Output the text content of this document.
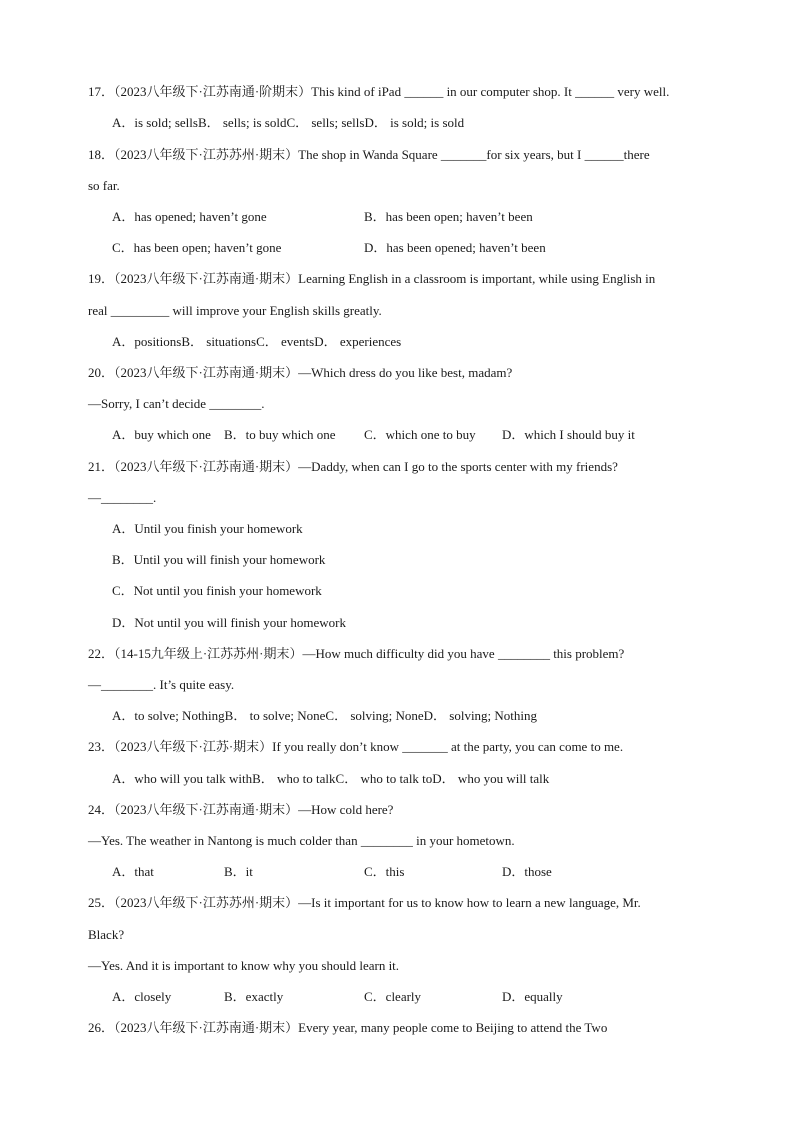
17．（2023八年级下·江苏南通·阶期末）This kind of iPad ______ in our computer shop. It ______ very well.
A．is sold; sellsB． sells; is soldC． sells; sellsD． is sold; is sold
18．（2023八年级下·江苏苏州·期末）The shop in Wanda Square _______for six years, but I ______there
so far.
A．has opened; haven’t gone	B．has been open; haven’t been
C．has been open; haven’t gone	D．has been opened; haven’t been
19．（2023八年级下·江苏南通·期末）Learning English in a classroom is important, while using English in
real _________ will improve your English skills greatly.
A．positionsB． situationsC． eventsD． experiences
20．（2023八年级下·江苏南通·期末）—Which dress do you like best, madam?
—Sorry, I can’t decide ________.
A．buy which one B．to buy which one C．which one to buy D．which I should buy it
21．（2023八年级下·江苏南通·期末）—Daddy, when can I go to the sports center with my friends?
—________.
A．Until you finish your homework
B．Until you will finish your homework
C．Not until you finish your homework
D．Not until you will finish your homework
22．（14-15九年级上·江苏苏州·期末）—How much difficulty did you have ________ this problem?
—________. It’s quite easy.
A．to solve; NothingB． to solve; NoneC． solving; NoneD． solving; Nothing
23．（2023八年级下·江苏·期末）If you really don’t know _______ at the party, you can come to me.
A．who will you talk withB． who to talkC． who to talk toD． who you will talk
24．（2023八年级下·江苏南通·期末）—How cold here?
—Yes. The weather in Nantong is much colder than ________ in your hometown.
A．that	B．it	C．this	D．those
25．（2023八年级下·江苏苏州·期末）—Is it important for us to know how to learn a new language, Mr.
Black?
—Yes. And it is important to know why you should learn it.
A．closely	B．exactly	C．clearly	D．equally
26．（2023八年级下·江苏南通·期末）Every year, many people come to Beijing to attend the Two
